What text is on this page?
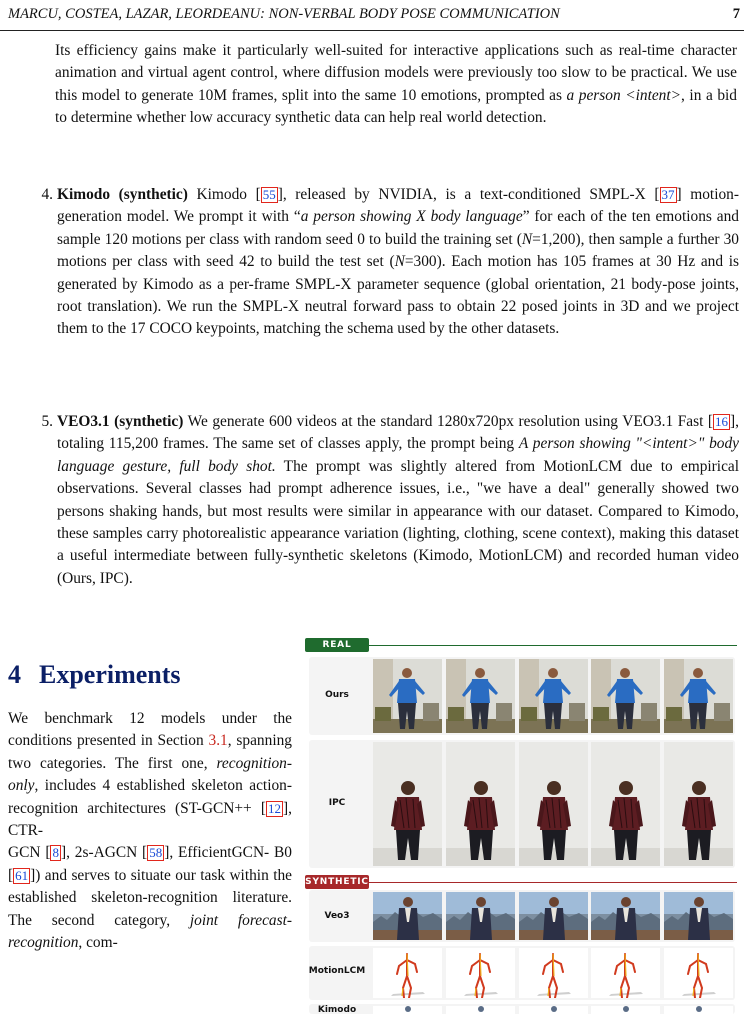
MARCU, COSTEA, LAZAR, LEORDEANU: NON-VERBAL BODY POSE COMMUNICATION	7
Its efficiency gains make it particularly well-suited for interactive applications such as real-time character animation and virtual agent control, where diffusion models were previously too slow to be practical. We use this model to generate 10M frames, split into the same 10 emotions, prompted as a person <intent>, in a bid to determine whether low accuracy synthetic data can help real world detection.
4. Kimodo (synthetic) Kimodo [ 55 ], released by NVIDIA, is a text-conditioned SMPL-X [ 37 ] motion-generation model. We prompt it with “a person showing X body language” for each of the ten emotions and sample 120 motions per class with random seed 0 to build the training set (N=1,200), then sample a further 30 motions per class with seed 42 to build the test set (N=300). Each motion has 105 frames at 30 Hz and is generated by Kimodo as a per-frame SMPL-X parameter sequence (global orientation, 21 body-pose joints, root translation). We run the SMPL-X neutral forward pass to obtain 22 posed joints in 3D and we project them to the 17 COCO keypoints, matching the schema used by the other datasets.
5. VEO3.1 (synthetic) We generate 600 videos at the standard 1280x720px resolution using VEO3.1 Fast [ 16 ], totaling 115,200 frames. The same set of classes apply, the prompt being A person showing "<intent>" body language gesture, full body shot. The prompt was slightly altered from MotionLCM due to empirical observations. Several classes had prompt adherence issues, i.e., "we have a deal" generally showed two persons shaking hands, but most results were similar in appearance with our dataset. Compared to Kimodo, these samples carry photorealistic appearance variation (lighting, clothing, scene context), making this dataset a useful intermediate between fully-synthetic skeletons (Kimodo, MotionLCM) and recorded human video (Ours, IPC).
4 Experiments
We benchmark 12 models under the conditions presented in Section 3.1, spanning two categories. The first one, recognition-only, includes 4 established skeleton action-recognition architectures (ST-GCN++ [ 12 ], CTR-GCN [ 8 ], 2s-AGCN [ 58 ], EfficientGCN- B0 [ 61 ]) and serves to situate our task within the established skeleton-recognition literature. The second category, joint forecast-recognition, com-
REAL
SYNTHETIC
Ours
IPC
Veo3
MotionLCM
Kimodo
